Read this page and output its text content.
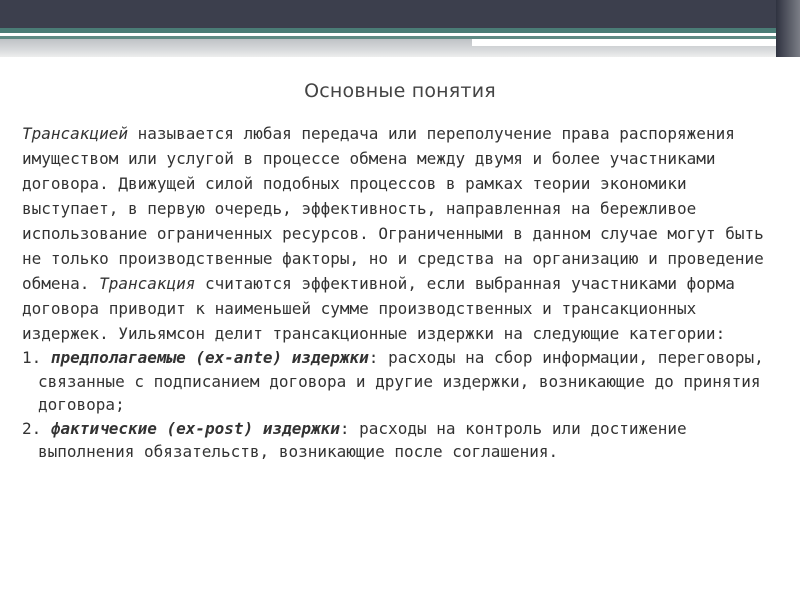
Основные понятия

Трансакцией называется любая передача или переполучение права распоряжения имуществом или услугой в процессе обмена между двумя и более участниками договора. Движущей силой подобных процессов в рамках теории экономики выступает, в первую очередь, эффективность, направленная на бережливое использование ограниченных ресурсов. Ограниченными в данном случае могут быть не только производственные факторы, но и средства на организацию и проведение обмена. Трансакция считаются эффективной, если выбранная участниками форма договора приводит к наименьшей сумме производственных и трансакционных издержек. Уильямсон делит трансакционные издержки на следующие категории:

1. предполагаемые (ex-ante) издержки: расходы на сбор информации, переговоры, связанные с подписанием договора и другие издержки, возникающие до принятия договора;

2. фактические (ex-post) издержки: расходы на контроль или достижение выполнения обязательств, возникающие после соглашения.
